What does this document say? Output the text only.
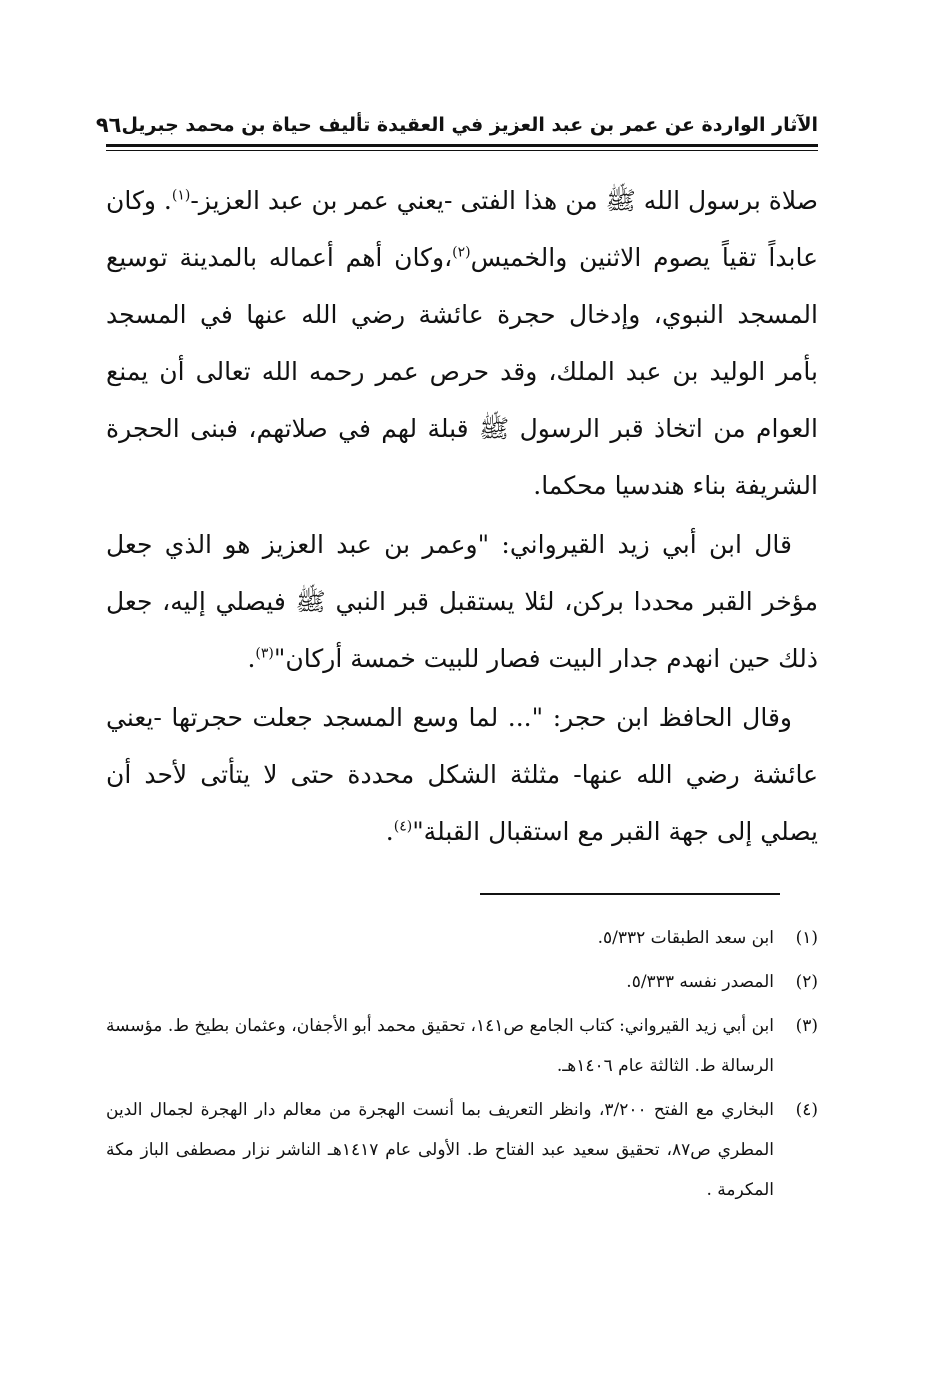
الآثار الواردة عن عمر بن عبد العزيز في العقيدة تأليف حياة بن محمد جبريل
٩٦

صلاة برسول الله ﷺ من هذا الفتى -يعني عمر بن عبد العزيز-$^{(١)}$. وكان عابداً تقياً يصوم الاثنين والخميس$^{(٢)}$،وكان أهم أعماله بالمدينة توسيع المسجد النبوي، وإدخال حجرة عائشة رضي الله عنها في المسجد بأمر الوليد بن عبد الملك، وقد حرص عمر رحمه الله تعالى أن يمنع العوام من اتخاذ قبر الرسول ﷺ قبلة لهم في صلاتهم، فبنى الحجرة الشريفة بناء هندسيا محكما.

قال ابن أبي زيد القيرواني: "وعمر بن عبد العزيز هو الذي جعل مؤخر القبر محددا بركن، لئلا يستقبل قبر النبي ﷺ فيصلي إليه، جعل ذلك حين انهدم جدار البيت فصار للبيت خمسة أركان"$^{(٣)}$.

وقال الحافظ ابن حجر: "... لما وسع المسجد جعلت حجرتها -يعني عائشة رضي الله عنها- مثلثة الشكل محددة حتى لا يتأتى لأحد أن يصلي إلى جهة القبر مع استقبال القبلة"$^{(٤)}$.

(١)
ابن سعد الطبقات ٥/٣٣٢.
(٢)
المصدر نفسه ٥/٣٣٣.
(٣)
ابن أبي زيد القيرواني: كتاب الجامع ص١٤١، تحقيق محمد أبو الأجفان، وعثمان بطيخ ط. مؤسسة الرسالة ط. الثالثة عام ١٤٠٦هـ.
(٤)
البخاري مع الفتح ٣/٢٠٠، وانظر التعريف بما أنست الهجرة من معالم دار الهجرة لجمال الدين المطري ص٨٧، تحقيق سعيد عبد الفتاح ط. الأولى عام ١٤١٧هـ الناشر نزار مصطفى الباز مكة المكرمة .
